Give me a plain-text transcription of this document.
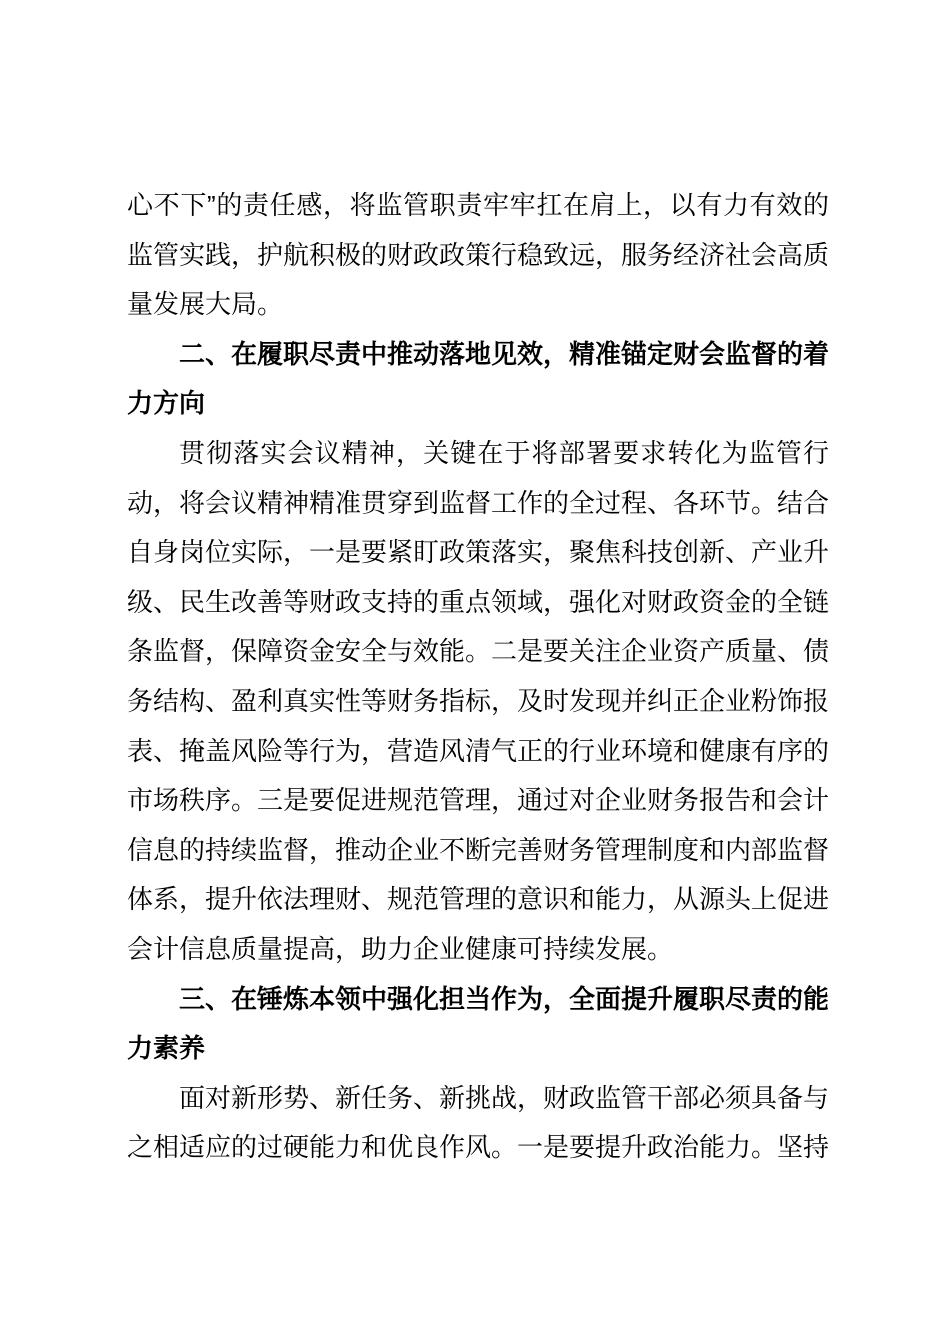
心不下”的责任感，将监管职责牢牢扛在肩上，以有力有效的监管实践，护航积极的财政政策行稳致远，服务经济社会高质量发展大局。

二、在履职尽责中推动落地见效，精准锚定财会监督的着力方向

贯彻落实会议精神，关键在于将部署要求转化为监管行动，将会议精神精准贯穿到监督工作的全过程、各环节。结合自身岗位实际，一是要紧盯政策落实，聚焦科技创新、产业升级、民生改善等财政支持的重点领域，强化对财政资金的全链条监督，保障资金安全与效能。二是要关注企业资产质量、债务结构、盈利真实性等财务指标，及时发现并纠正企业粉饰报表、掩盖风险等行为，营造风清气正的行业环境和健康有序的市场秩序。三是要促进规范管理，通过对企业财务报告和会计信息的持续监督，推动企业不断完善财务管理制度和内部监督体系，提升依法理财、规范管理的意识和能力，从源头上促进会计信息质量提高，助力企业健康可持续发展。

三、在锤炼本领中强化担当作为，全面提升履职尽责的能力素养

面对新形势、新任务、新挑战，财政监管干部必须具备与之相适应的过硬能力和优良作风。一是要提升政治能力。坚持
